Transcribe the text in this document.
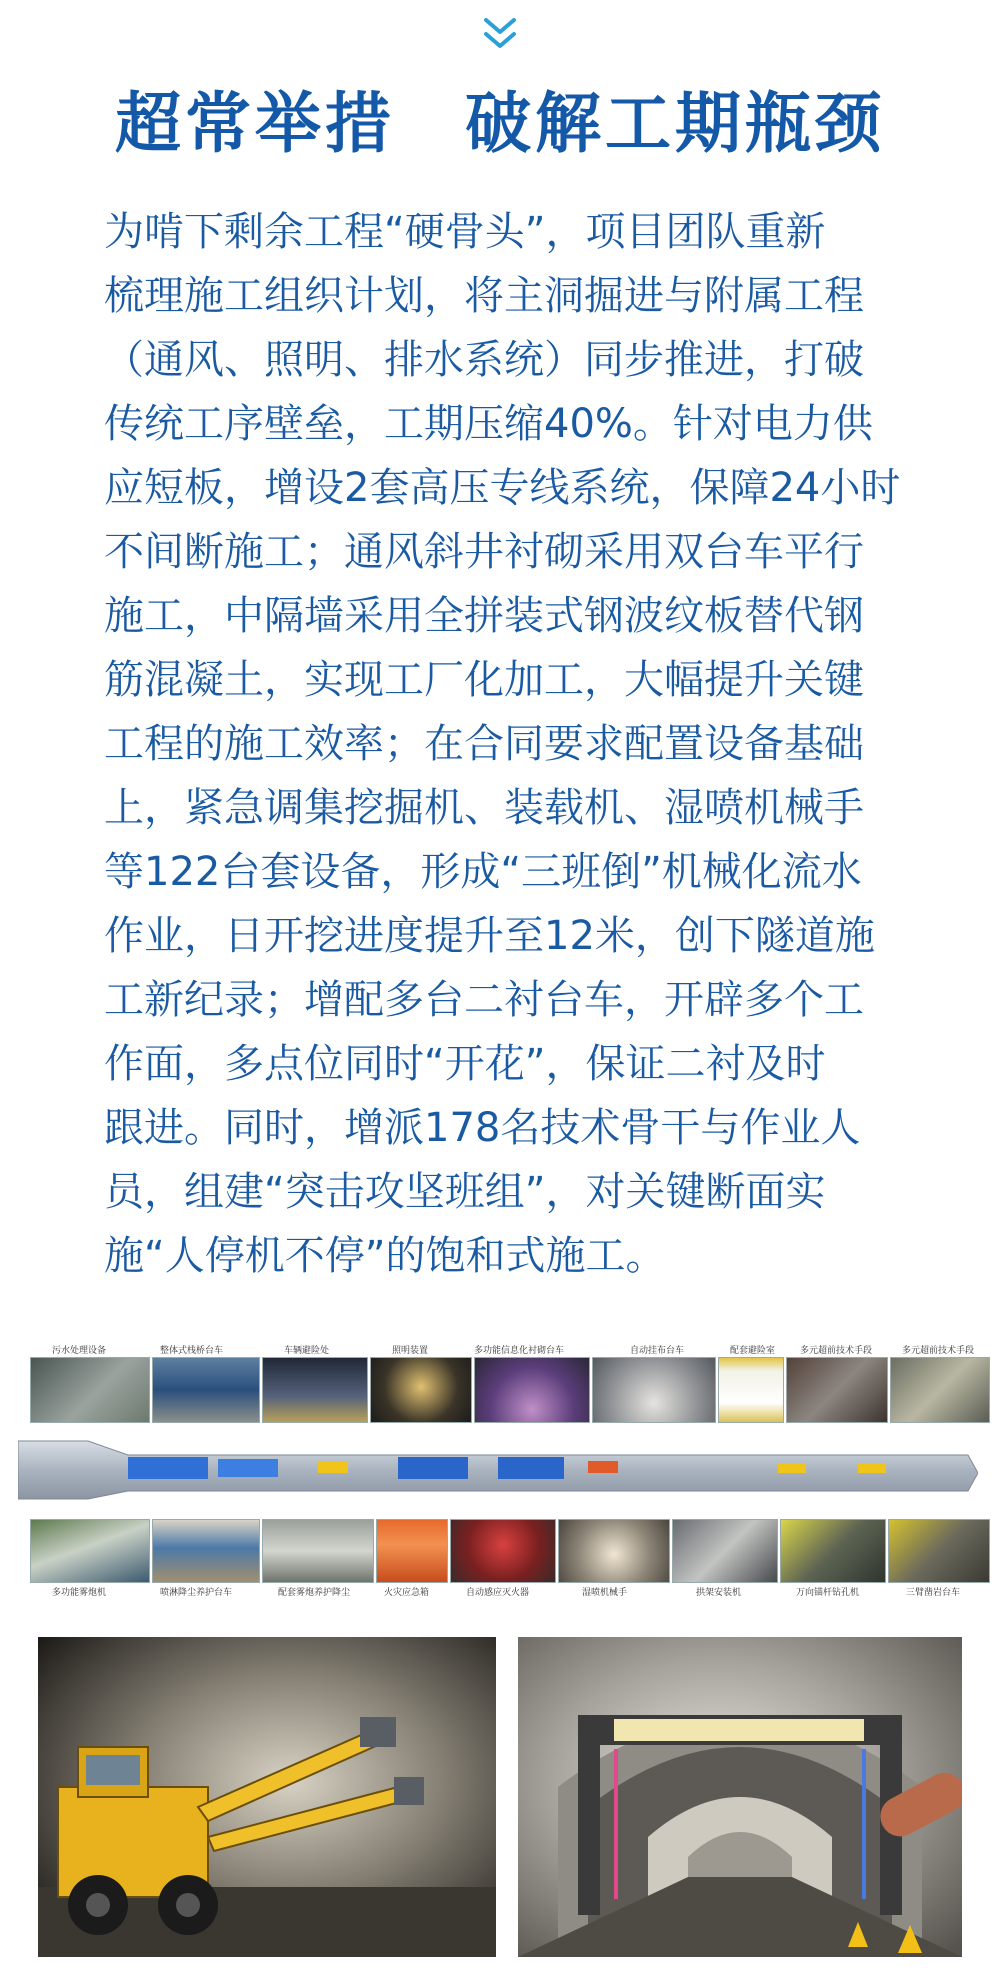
超常举措　破解工期瓶颈
为啃下剩余工程“硬骨头”，项目团队重新
梳理施工组织计划，将主洞掘进与附属工程
（通风、照明、排水系统）同步推进，打破
传统工序壁垒，工期压缩40%。针对电力供
应短板，增设2套高压专线系统，保障24小时
不间断施工；通风斜井衬砌采用双台车平行
施工，中隔墙采用全拼装式钢波纹板替代钢
筋混凝土，实现工厂化加工，大幅提升关键
工程的施工效率；在合同要求配置设备基础
上，紧急调集挖掘机、装载机、湿喷机械手
等122台套设备，形成“三班倒”机械化流水
作业，日开挖进度提升至12米，创下隧道施
工新纪录；增配多台二衬台车，开辟多个工
作面，多点位同时“开花”，保证二衬及时
跟进。同时，增派178名技术骨干与作业人
员，组建“突击攻坚班组”，对关键断面实
施“人停机不停”的饱和式施工。
污水处理设备	整体式栈桥台车	车辆避险处	照明装置	多功能信息化衬砌台车	自动挂布台车	配套避险室	多元超前技术手段	多元超前技术手段
多功能雾炮机	喷淋降尘养护台车	配套雾炮养护降尘	火灾应急箱	自动感应灭火器	湿喷机械手	拱架安装机	万向锚杆钻孔机	三臂凿岩台车
